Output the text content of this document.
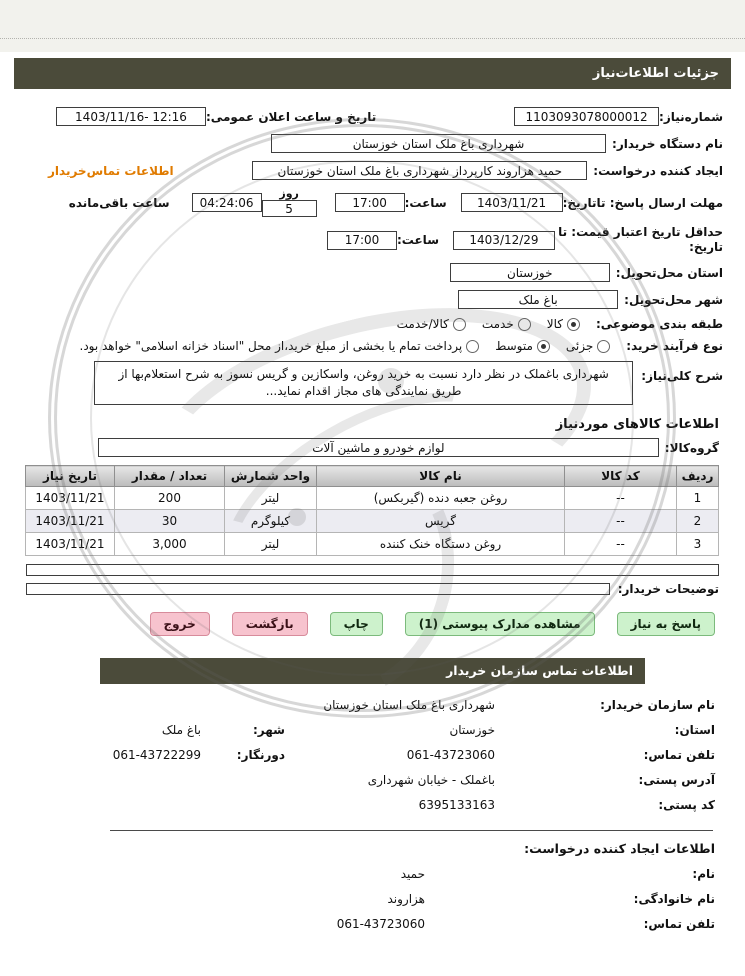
جزئیات اطلاعات‌نیاز
شماره‌نیاز:
1103093078000012
تاریخ و ساعت اعلان عمومی:
1403/11/16- 12:16
نام دستگاه خریدار:
شهرداری باغ ملک استان خوزستان
ایجاد کننده درخواست:
حمید هزاروند کارپرداز شهرداری باغ ملک استان خوزستان
اطلاعات تماس‌خریدار
مهلت ارسال پاسخ: تاتاریخ:
1403/11/21
ساعت:
17:00
روز
5
04:24:06
ساعت باقی‌مانده
حداقل تاریخ اعتبار قیمت: تا تاریخ:
1403/12/29
ساعت:
17:00
استان محل‌تحویل:
خوزستان
شهر محل‌تحویل:
باغ ملک
طبقه بندی موضوعی:
کالا
خدمت
کالا/خدمت
نوع فرآیند خرید:
جزئی
متوسط
پرداخت تمام یا بخشی از مبلغ خرید،از محل "اسناد خزانه اسلامی" خواهد بود.
شرح کلی‌نیاز:
شهرداری باغملک در نظر دارد نسبت به خرید روغن، واسکازین و گریس نسوز به شرح استعلام‌بها از طریق نمایندگی های مجاز اقدام نماید...
اطلاعات کالاهای موردنیاز
گروه‌کالا:
لوازم خودرو و ماشین آلات
ردیف	کد کالا	نام کالا	واحد شمارش	تعداد / مقدار	تاریخ نیاز
1	--	روغن جعبه دنده (گیربکس)	لیتر	200	1403/11/21
2	--	گریس	کیلوگرم	30	1403/11/21
3	--	روغن دستگاه خنک کننده	لیتر	3,000	1403/11/21
توضیحات خریدار:
پاسخ به نیاز
مشاهده مدارک پیوستی (1)
چاپ
بازگشت
خروج
اطلاعات تماس سازمان خریدار
نام سازمان خریدار:
شهرداری باغ ملک استان خوزستان
استان:
خوزستان
شهر:
باغ ملک
تلفن تماس:
061-43723060
دورنگار:
061-43722299
آدرس پستی:
باغملک - خیابان شهرداری
کد پستی:
6395133163
اطلاعات ایجاد کننده درخواست:
نام:
حمید
نام خانوادگی:
هزاروند
تلفن تماس:
061-43723060
